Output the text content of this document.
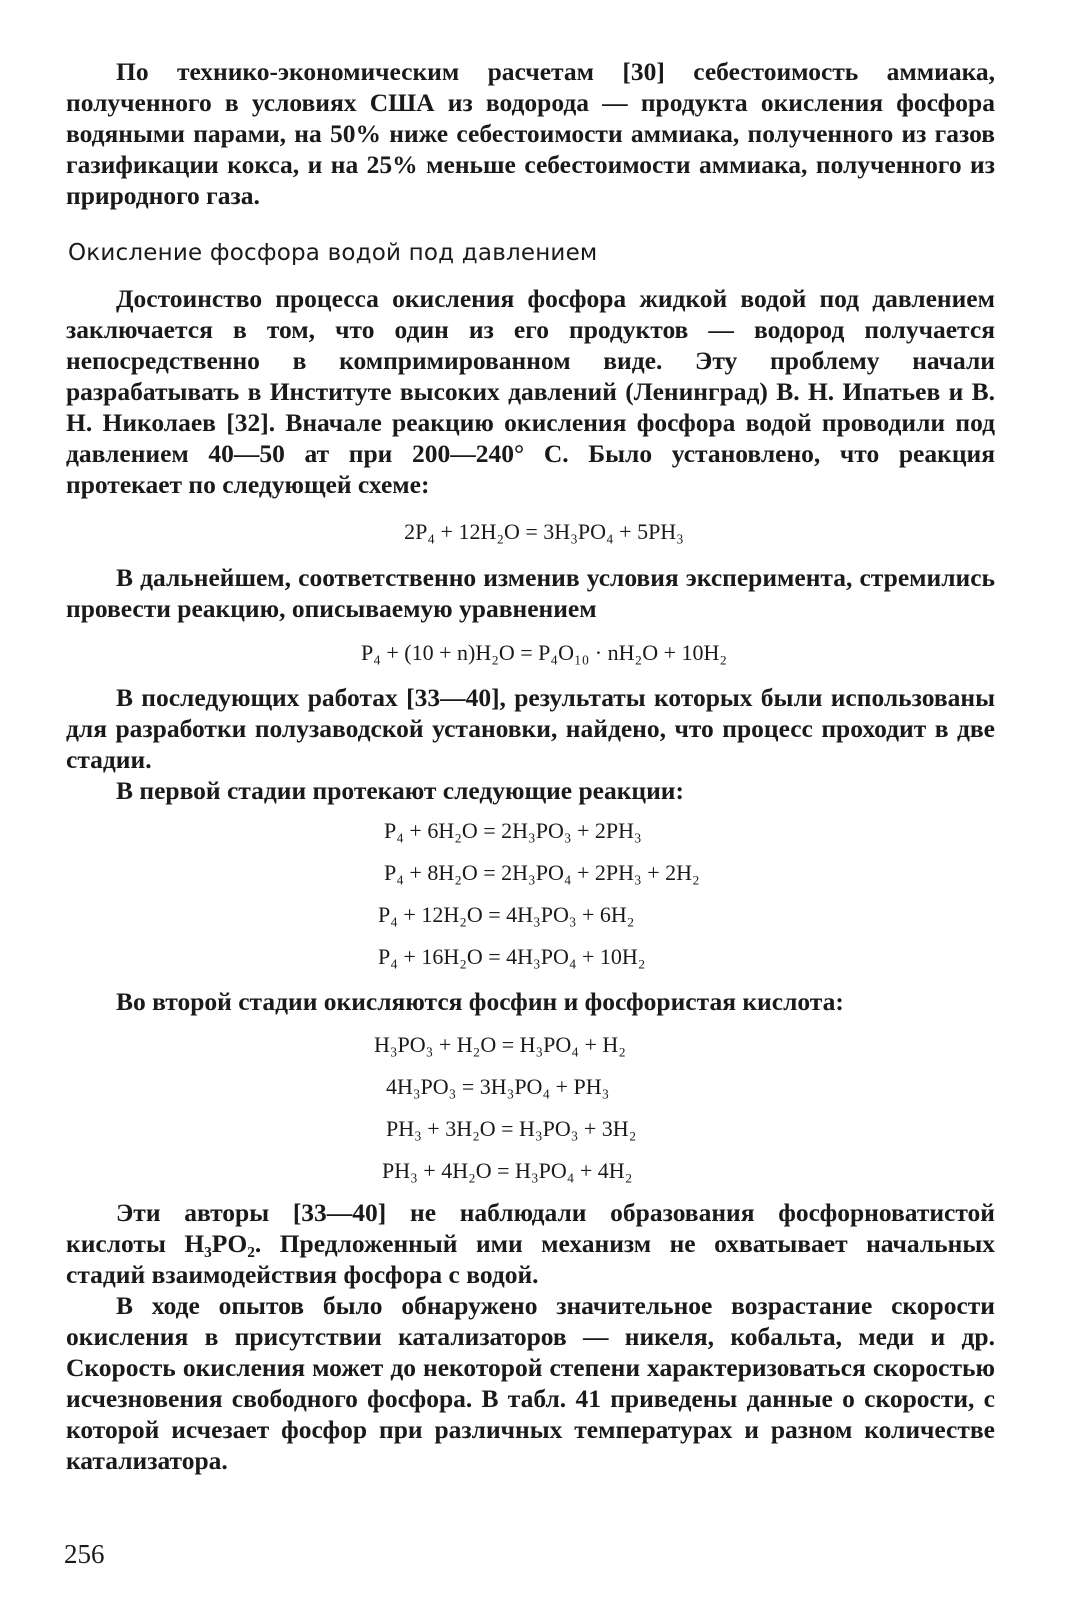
По технико-экономическим расчетам [30] себестоимость аммиака, полученного в условиях США из водорода — продукта окисления фосфора водяными парами, на 50% ниже себестоимости аммиака, полученного из газов газификации кокса, и на 25% меньше себестоимости аммиака, полученного из природного газа.

Окисление фосфора водой под давлением

Достоинство процесса окисления фосфора жидкой водой под давлением заключается в том, что один из его продуктов — водород получается непосредственно в компримированном виде. Эту проблему начали разрабатывать в Институте высоких давлений (Ленинград) В. Н. Ипатьев и В. Н. Николаев [32]. Вначале реакцию окисления фосфора водой проводили под давлением 40—50 ат при 200—240° С. Было установлено, что реакция протекает по следующей схеме:

2P₄ + 12H₂O = 3H₃PO₄ + 5PH₃

В дальнейшем, соответственно изменив условия эксперимента, стремились провести реакцию, описываемую уравнением

P₄ + (10 + n)H₂O = P₄O₁₀ · nH₂O + 10H₂

В последующих работах [33—40], результаты которых были использованы для разработки полузаводской установки, найдено, что процесс проходит в две стадии.

В первой стадии протекают следующие реакции:

P₄ + 6H₂O = 2H₃PO₃ + 2PH₃
P₄ + 8H₂O = 2H₃PO₄ + 2PH₃ + 2H₂
P₄ + 12H₂O = 4H₃PO₃ + 6H₂
P₄ + 16H₂O = 4H₃PO₄ + 10H₂

Во второй стадии окисляются фосфин и фосфористая кислота:

H₃PO₃ + H₂O = H₃PO₄ + H₂
4H₃PO₃ = 3H₃PO₄ + PH₃
PH₃ + 3H₂O = H₃PO₃ + 3H₂
PH₃ + 4H₂O = H₃PO₄ + 4H₂

Эти авторы [33—40] не наблюдали образования фосфорноватистой кислоты H₃PO₂. Предложенный ими механизм не охватывает начальных стадий взаимодействия фосфора с водой.

В ходе опытов было обнаружено значительное возрастание скорости окисления в присутствии катализаторов — никеля, кобальта, меди и др. Скорость окисления может до некоторой степени характеризоваться скоростью исчезновения свободного фосфора. В табл. 41 приведены данные о скорости, с которой исчезает фосфор при различных температурах и разном количестве катализатора.

256
